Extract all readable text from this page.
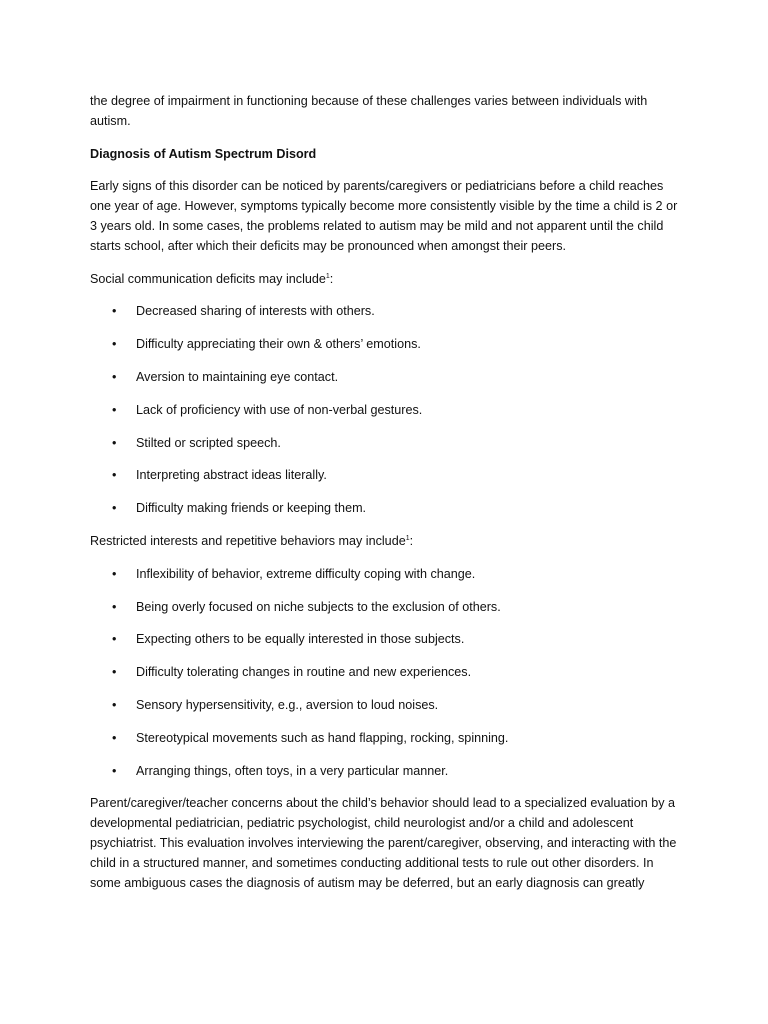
the degree of impairment in functioning because of these challenges varies between individuals with autism.

Diagnosis of Autism Spectrum Disord

Early signs of this disorder can be noticed by parents/caregivers or pediatricians before a child reaches one year of age. However, symptoms typically become more consistently visible by the time a child is 2 or 3 years old. In some cases, the problems related to autism may be mild and not apparent until the child starts school, after which their deficits may be pronounced when amongst their peers.

Social communication deficits may include$^1$:

• Decreased sharing of interests with others.
• Difficulty appreciating their own & others’ emotions.
• Aversion to maintaining eye contact.
• Lack of proficiency with use of non-verbal gestures.
• Stilted or scripted speech.
• Interpreting abstract ideas literally.
• Difficulty making friends or keeping them.

Restricted interests and repetitive behaviors may include$^1$:

• Inflexibility of behavior, extreme difficulty coping with change.
• Being overly focused on niche subjects to the exclusion of others.
• Expecting others to be equally interested in those subjects.
• Difficulty tolerating changes in routine and new experiences.
• Sensory hypersensitivity, e.g., aversion to loud noises.
• Stereotypical movements such as hand flapping, rocking, spinning.
• Arranging things, often toys, in a very particular manner.

Parent/caregiver/teacher concerns about the child’s behavior should lead to a specialized evaluation by a developmental pediatrician, pediatric psychologist, child neurologist and/or a child and adolescent psychiatrist. This evaluation involves interviewing the parent/caregiver, observing, and interacting with the child in a structured manner, and sometimes conducting additional tests to rule out other disorders. In some ambiguous cases the diagnosis of autism may be deferred, but an early diagnosis can greatly
